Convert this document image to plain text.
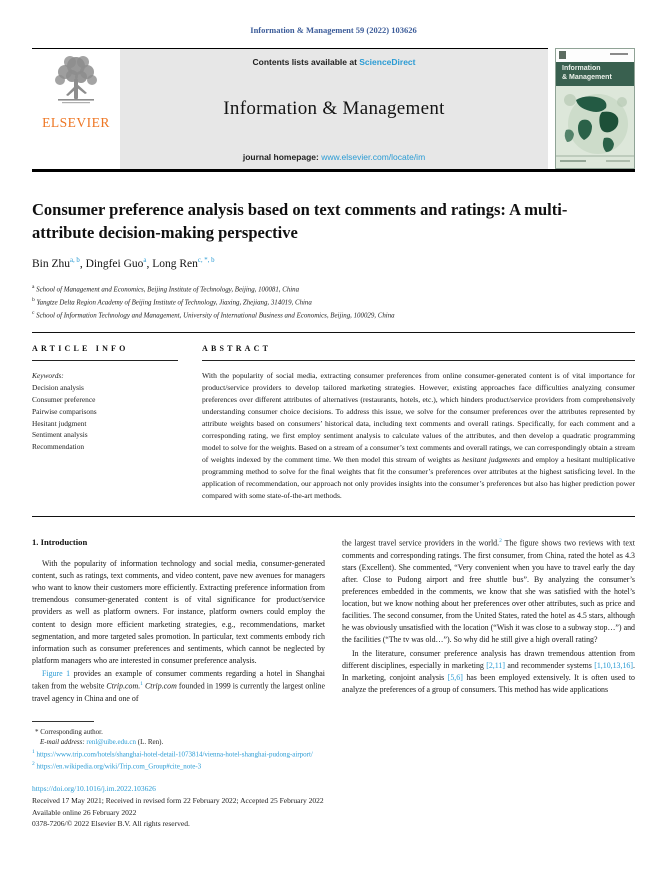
Information & Management 59 (2022) 103626
ELSEVIER
Contents lists available at ScienceDirect
Information & Management
journal homepage: www.elsevier.com/locate/im
Information
& Management
Consumer preference analysis based on text comments and ratings: A multi-attribute decision-making perspective
Bin Zhu$^{a, b}$, Dingfei Guo$^a$, Long Ren$^{c, *, b}$
$^a$ School of Management and Economics, Beijing Institute of Technology, Beijing, 100081, China
$^b$ Yangtze Delta Region Academy of Beijing Institute of Technology, Jiaxing, Zhejiang, 314019, China
$^c$ School of Information Technology and Management, University of International Business and Economics, Beijing, 100029, China
ARTICLE INFO
Keywords:
Decision analysis
Consumer preference
Pairwise comparisons
Hesitant judgment
Sentiment analysis
Recommendation
ABSTRACT
With the popularity of social media, extracting consumer preferences from online consumer-generated content is of vital importance for product/service providers to develop tailored marketing strategies. However, existing approaches face difficulties analyzing consumer preferences over different attributes of alternatives (restaurants, hotels, etc.), which hinders product/service providers from comprehensively understanding consumer choice decisions. To address this issue, we solve for the consumer preferences over the attributes represented by attribute weights based on consumers’ historical data, including text comments and overall ratings. Specifically, for each comment and a corresponding rating, we first employ sentiment analysis to calculate values of the attributes, and then develop a quadratic programming model to solve for the weights. Based on a stream of a consumer’s text comments and overall ratings, we can correspondingly obtain a stream of weights indexed by the comment time. We then model this stream of weights as hesitant judgments and employ a hesitant multiplicative programming method to solve for the final weights that fit the consumer’s preferences over attributes at the highest satisficing level. In the application of recommendation, our approach not only provides insights into the consumer’s preferences but also has higher prediction power compared with some state-of-the-art methods.
1. Introduction

With the popularity of information technology and social media, consumer-generated content, such as ratings, text comments, and video content, pave new avenues for managers who want to know their customers more efficiently. Extracting preference information from tremendous consumer-generated content is of vital significance for product/service providers as well as platform owners. For instance, platform owners could employ the content to design more efficient marketing strategies, e.g., recommendations, market segmentation, and more targeted sales promotion. In particular, text comments embody rich information such as consumer preferences and sentiments, which cannot be neglected by platform managers who are interested in consumer preference analysis.

Figure 1 provides an example of consumer comments regarding a hotel in Shanghai taken from the website Ctrip.com.$^1$ Ctrip.com founded in 1999 is currently the largest online travel agency in China and one of

* Corresponding author.
E-mail address: renl@uibe.edu.cn (L. Ren).
$^1$ https://www.trip.com/hotels/shanghai-hotel-detail-1073814/vienna-hotel-shanghai-pudong-airport/
$^2$ https://en.wikipedia.org/wiki/Trip.com_Group#cite_note-3

the largest travel service providers in the world.$^2$ The figure shows two reviews with text comments and corresponding ratings. The first consumer, from China, rated the hotel as 4.3 stars (Excellent). She commented, “Very convenient when you have to travel early the day after. Close to Pudong airport and free shuttle bus”. By analyzing the consumer’s preferences embedded in the comments, we know that she was satisfied with the hotel’s location, but we know nothing about her preferences over other attributes, such as price and facilities. The second consumer, from the United States, rated the hotel as 4.5 stars, although he was obviously unsatisfied with the location (“Wish it was close to a subway stop…”) and the facilities (“The tv was old…”). So why did he still give a high overall rating?

In the literature, consumer preference analysis has drawn tremendous attention from different disciplines, especially in marketing [2,11] and recommender systems [1,10,13,16]. In marketing, conjoint analysis [5,6] has been employed extensively. It is often used to analyze the preferences of a group of consumers. This method has wide applications

https://doi.org/10.1016/j.im.2022.103626
Received 17 May 2021; Received in revised form 22 February 2022; Accepted 25 February 2022
Available online 26 February 2022
0378-7206/© 2022 Elsevier B.V. All rights reserved.
